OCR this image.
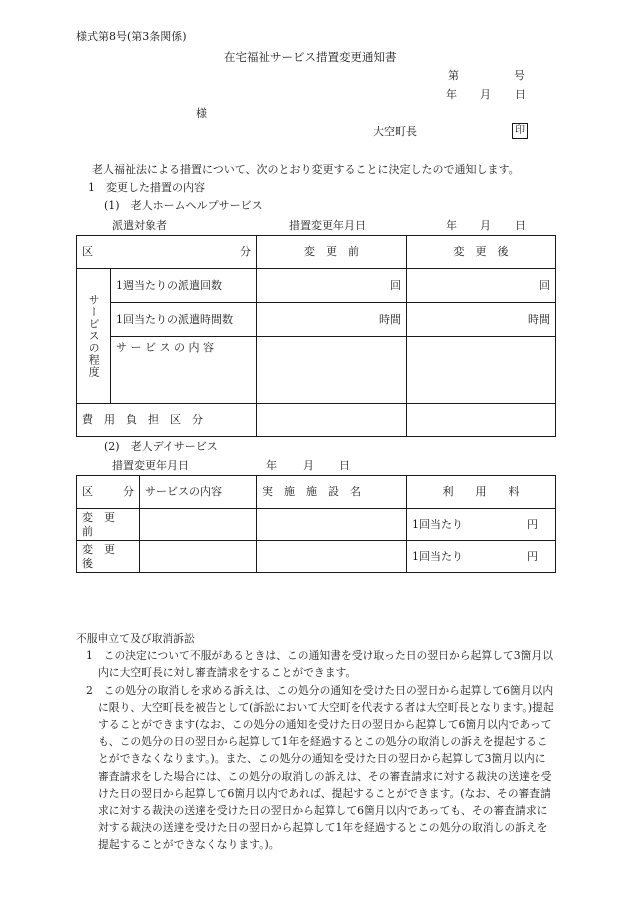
様式第8号(第3条関係)
在宅福祉サービス措置変更通知書
第	号
年 月 日
様
大空町長	印
老人福祉法による措置について、次のとおり変更することに決定したので通知します。
1　変更した措置の内容
(1)　老人ホームヘルプサービス
派遣対象者	措置変更年月日	年 月 日
区 分		変　更　前	変　更　後

サービスの程度	1週当たりの派遣回数	回	回
	1回当たりの派遣時間数	時間	時間
	サ ー ビ ス の 内 容		
費　用　負　担　区　分			
(2)　老人デイサービス
措置変更年月日	年 月 日
区 分	サービスの内容	実　施　施　設　名	利　　用　　料
変　更　前			1回当たり 円

変　更　後			1回当たり 円

不服申立て及び取消訴訟

1　この決定について不服があるときは、この通知書を受け取った日の翌日から起算して3箇月以内に大空町長に対し審査請求をすることができます。

2　この処分の取消しを求める訴えは、この処分の通知を受けた日の翌日から起算して6箇月以内に限り、大空町長を被告として(訴訟において大空町を代表する者は大空町長となります。)提起することができます(なお、この処分の通知を受けた日の翌日から起算して6箇月以内であっても、この処分の日の翌日から起算して1年を経過するとこの処分の取消しの訴えを提起することができなくなります。)。また、この処分の通知を受けた日の翌日から起算して3箇月以内に審査請求をした場合には、この処分の取消しの訴えは、その審査請求に対する裁決の送達を受けた日の翌日から起算して6箇月以内であれば、提起することができます。(なお、その審査請求に対する裁決の送達を受けた日の翌日から起算して6箇月以内であっても、その審査請求に対する裁決の送達を受けた日の翌日から起算して1年を経過するとこの処分の取消しの訴えを提起することができなくなります。)。
